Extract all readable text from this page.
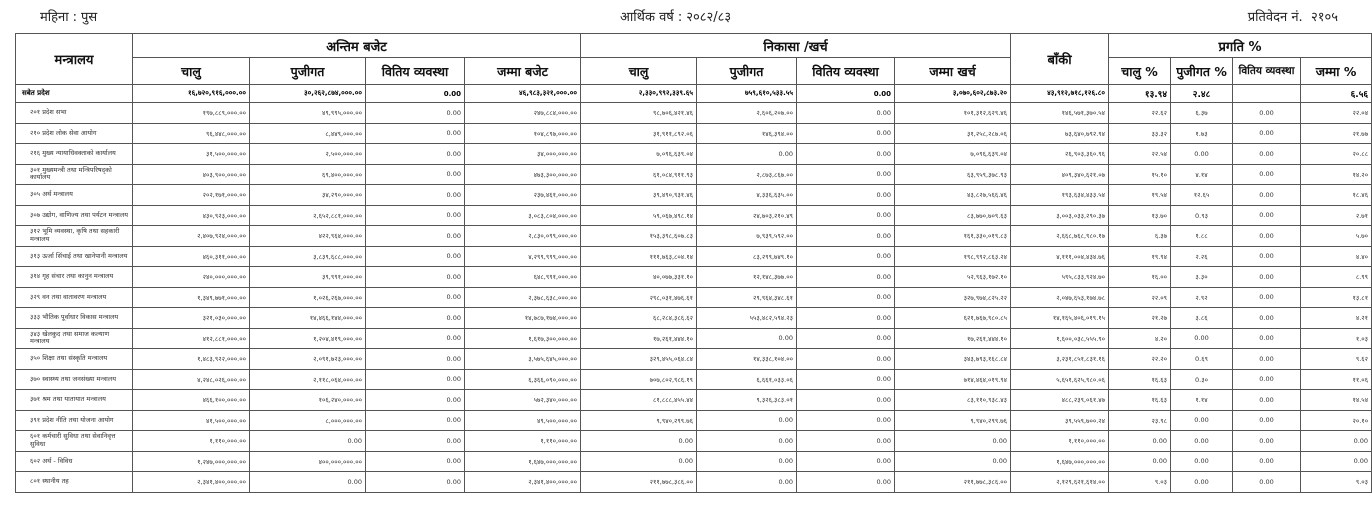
महिना : पुस	आर्थिक वर्ष : २०८२/८३	प्रतिवेदन नं. २१०५
मन्त्रालय	अन्तिम बजेट				निकासा /खर्च				बाँकी	प्रगति %			
	चालु	पुजीगत	वितिय व्यवस्था	जम्मा बजेट	चालु	पुजीगत	वितिय व्यवस्था	जम्मा खर्च		चालु %	पुजीगत %	वितिय व्यवस्था	जम्मा %
सबेत प्रदेश	१६,७२०,९१६,०००.००	३०,२६२,८७४,०००.००	0.00	४६,९८३,३२१,०००.००	२,३३०,९९२,३३९.६५	७५९,६१०,५३३.५५	0.00	३,०७०,६०२,८७३.२०	४३,९१२,७१८,१२६.८०	१३.९४	२.४८		६.५६
२०१ प्रदेश सभा	१९७,८८९,०००.००	४९,९९५,०००.००	0.00	२४७,८८४,०००.००	९८,७०६,४२१.४६	२,६०६,२०७.००	0.00	१०१,३१२,६२९.४६	१४६,५७१,३७०.५४	२२.६२	६.३७	0.00	२२.०४
२१० प्रदेश लोक सेवा आयोग	९६,४४८,०००.००	८,४४९,०००.००	0.00	१०४,८९७,०००.००	३१,९११,८९२.०६	१४६,३९४.००	0.00	३१,२५८,२८७.०६	७३,६४०,७९२.९४	३३.३२	१.७३	0.00	२१.७७
२१६ मुख्य न्यायाधिवक्ताको कार्यालय	३१,५००,०००.००	२,५००,०००.००	0.00	३४,०००,०००.००	७,०९६,६३९.०४	0.00	0.00	७,०९६,६३९.०४	२६,९०३,३६०.९६	२२.५४	0.00	0.00	२०.८८
३०१ मुख्यमन्त्री तथा मन्त्रिपरिषद्को कार्यालय	४०३,९००,०००.००	६९,४००,०००.००	0.00	४७३,३००,०००.००	६१,०८४,९११.९३	२,८७३,८६७.००	0.00	६३,९५९,३७८.९३	४०९,३४०,६२१.०७	१५.१०	४.१४	0.00	१४.२०
३०५ अर्थ मन्त्रालय	२०२,१७१,०००.००	३४,२९०,०००.००	0.00	२३७,४६१,०००.००	३९,४९०,९३१.४६	४,३३६,६३५.००	0.00	४३,८२७,५६६.४६	१९३,६३४,४३३.५४	१९.५४	१२.६५	0.00	१८.४६
३०७ उद्योग, वाणिज्य तथा पर्यटन मन्त्रालय	४३०,९२३,०००.००	२,६५२,८८१,०००.००	0.00	३,०८३,८०४,०००.००	५९,०६७,४९८.१४	२४,७०३,२१०.४९	0.00	८३,७७०,७०९.६३	३,००३,०३३,२९०.३७	१३.७०	0.९३	0.00	२.७१
३१२ भूमि व्यवस्था, कृषि तथा सहकारी मन्त्रालय	२,४०७,९२४,०००.००	४२२,९६४,०००.००	0.00	२,८३०,०९९,०००.००	१५३,३९८,६०७.८३	७,९३९,५९२.००	0.00	१६१,३३०,०१९.८३	२,६६८,७६८,९८०.१७	६.३७	१.८८	0.00	५.७०
३१३ ऊर्जा सिंचाई तथा खानेपानी मन्त्रालय	४६०,३११,०००.००	३,८३९,६८८,०००.००	0.00	४,२९९,९९९,०००.००	१११,७६३,८०४.१४	८३,२९९,७४९.१०	0.00	१९८,९९२,८६३.२४	४,१११,००४,४३४.७६	१९.९४	२.२६	0.00	४.४०
३१४ गृह संचार तथा कानुन मन्त्रालय	२४०,०००,०००.००	३९,९९१,०००.००	0.00	६४८,९९१,०००.००	४०,०७७,३३१.१०	१२,१४८,३७७.००	0.00	५२,९६३,१७२.१०	५९५,८३३,९२४.७०	१६.००	३.३०	0.00	८.९९
३२९ वन तथा वातावरण मन्त्रालय	१,३४९,७७१,०००.००	१,०२६,२६७,०००.००	0.00	२,३७८,६३८,०००.००	२९८,०३१,४७६.६१	२९,९६४,३४८.६१	0.00	३२७,९७४,८२५.२२	२,०४७,६५३,१७४.७८	२२.०९	२.९२	0.00	१३.८१
३३३ भौतिक पूर्वाधार विकास मन्त्रालय	३२१,०३०,०००.००	१४,४६६,१४४,०००.००	0.00	१४,७८७,१७४,०००.००	६८,२८४,३८६.६२	५५३,४८२,५९४.२३	0.00	६२१,७६७,९८०.८५	१४,१६५,४०६,०१९.१५	२१.२७	३.८६	0.00	४.२१
३४३ खेलकुद तथा समाज कल्याण मन्त्रालय	४१२,८८१,०००.००	१,२०४,४१९,०००.००	0.00	१,६१७,३००,०००.००	१७,२६१,४४४.१०	0.00	0.00	१७,२६१,४४४.१०	१,६००,०३८,५५५.९०	४.२०	0.00	0.00	१.०३
३५० शिक्षा तथा संस्कृति मन्त्रालय	१,४८३,९२२,०००.००	२,०९१,७२३,०००.००	0.00	३,५७५,६४५,०००.००	३२९,४५५,०६४.८४	१४,३३८,१०४.००	0.00	३४३,७९३,१६८.८४	३,२३१,८५१,८३१.१६	२२.२०	0.६९	0.00	९.६२
३७० स्वास्थ्य तथा जनसंख्या मन्त्रालय	४,२४८,०२६,०००.००	२,११८,०६४,०००.००	0.00	६,३६६,०९०,०००.००	७०७,८०२,९८६.१९	६,६६१,०३३.०६	0.00	७१४,४६४,०१९.९४	५,६५१,६२५,९८०.०६	१६.६३	0.३०	0.00	११.०६
३७१ श्रम तथा यातायात मन्त्रालय	४६६,१००,०००.००	१०६,२४०,०००.००	0.00	५७२,३४०,०००.००	८१,८८८,४५५.४४	९,३२६,३८३.०१	0.00	८३,११०,९३८.४३	४८८,२३९,०६१.४७	१६.६३	१.१४	0.00	१४.५४
३९१ प्रदेश नीति तथा योजना आयोग	४१,५००,०००.००	८,०००,०००.००	0.00	४९,५००,०००.००	९,९४०,२९९.७६	0.00	0.00	९,९४०,२९९.७६	३९,५५९,७००.२४	२३.९८	0.00	0.00	२०.१०
६०१ कर्मचारी सुविधा तथा सेवानिवृत्त सुविधा	१,११०,०००.००	0.00	0.00	१,११०,०००.००	0.00	0.00	0.00	0.00	१,११०,०००.००	0.00	0.00	0.00	0.00
६०२ अर्थ - विविध	१,२४७,०००,०००.००	४००,०००,०००.००	0.00	१,६४७,०००,०००.००	0.00	0.00	0.00	0.00	१,६४७,०००,०००.००	0.00	0.00	0.00	0.00
८०१ स्थानीय तह	२,३४१,४००,०००.००	0.00	0.00	२,३४१,४००,०००.००	२११,७७८,३८६.००	0.00	0.00	२११,७७८,३८६.००	२,१२९,६२१,६१४.००	९.०३	0.00	0.00	९.०३
